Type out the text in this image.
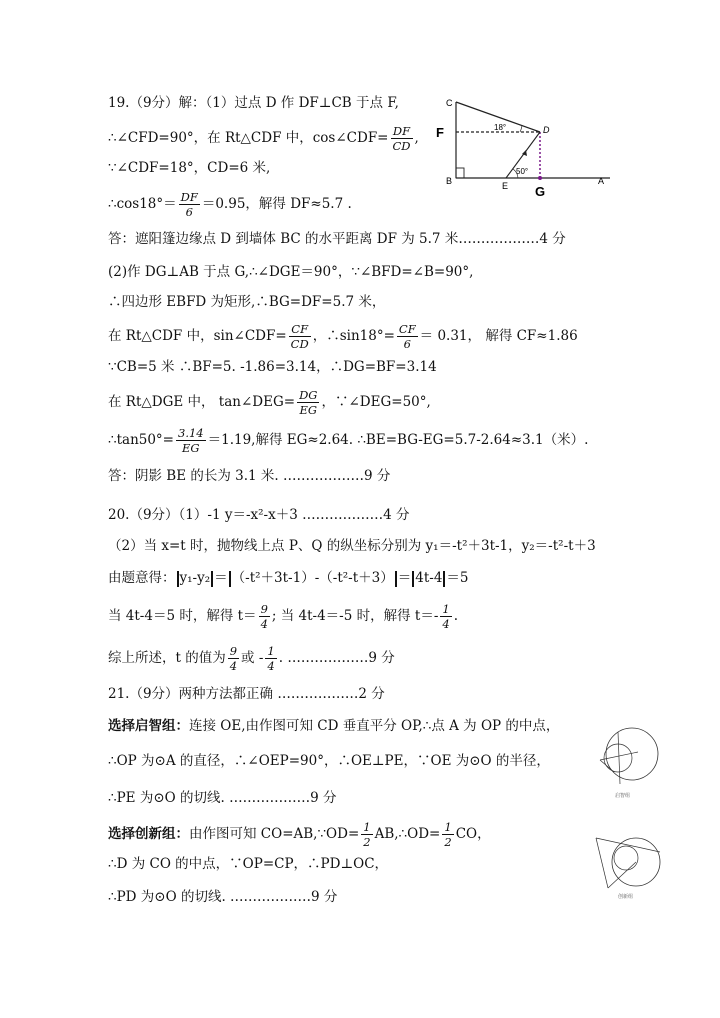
19.（9分）解：（1）过点 D 作 DF⊥CB 于点 F,
∴∠CFD=90°，在 Rt△CDF 中，cos∠CDF= $\frac{DF}{CD}$ ,
∵∠CDF=18°，CD=6 米,
∴cos18°＝ $\frac{DF}{6} =0.95$，解得 DF≈5.7 .
答：遮阳篷边缘点 D 到墙体 BC 的水平距离 DF 为 5.7 米………………4 分
(2)作 DG⊥AB 于点 G,∴∠DGE＝90°，∵∠BFD=∠B=90°,
∴四边形 EBFD 为矩形,∴BG=DF=5.7 米，
在 Rt△CDF 中，sin∠CDF= $\frac{CF}{CD}$ ，∴sin18°= $\frac{CF}{6} = 0.31$， 解得 CF≈1.86
∵CB=5 米 ∴BF=5. -1.86=3.14，∴DG=BF=3.14
在 Rt△DGE 中， tan∠DEG= $\frac{DG}{EG}$ ，∵∠DEG=50°,
∴tan50°= $\frac{3.14}{EG} =1.19$,解得 EG≈2.64. ∴BE=BG-EG=5.7-2.64≈3.1（米）.
答：阴影 BE 的长为 3.1 米. ………………9 分
C
F	D
B	E G
A
18°
50°
20.（9分）（1）-1 y＝-x²-x＋3 ………………4 分
（2）当 x=t 时，抛物线上点 P、Q 的纵坐标分别为 y₁＝-t²＋3t-1，y₂＝-t²-t＋3
由题意得： y₁-y₂ ＝ （-t²＋3t-1）-（-t²-t＋3） ＝ 4t-4 ＝5
当 4t-4＝5 时，解得 $t= \frac{9}{4}$ ; 当 4t-4＝-5 时，解得 $t=- \frac{1}{4}$ .
综上所述，t 的值为 $\frac{9}{4}$ 或 - $\frac{1}{4}$ . ………………9 分
21.（9分）两种方法都正确 ………………2 分
选择启智组：连接 OE,由作图可知 CD 垂直平分 OP,∴点 A 为 OP 的中点，
∴OP 为⊙A 的直径，∴∠OEP=90°，∴OE⊥PE，∵OE 为⊙O 的半径，
∴PE 为⊙O 的切线. ………………9 分
选择创新组：由作图可知 CO=AB,∵OD= $\frac{1}{2}$ AB,∴OD= $\frac{1}{2}$ CO，
∴D 为 CO 的中点，∵OP=CP，∴PD⊥OC，
∴PD 为⊙O 的切线. ………………9 分
启智组
创新组
